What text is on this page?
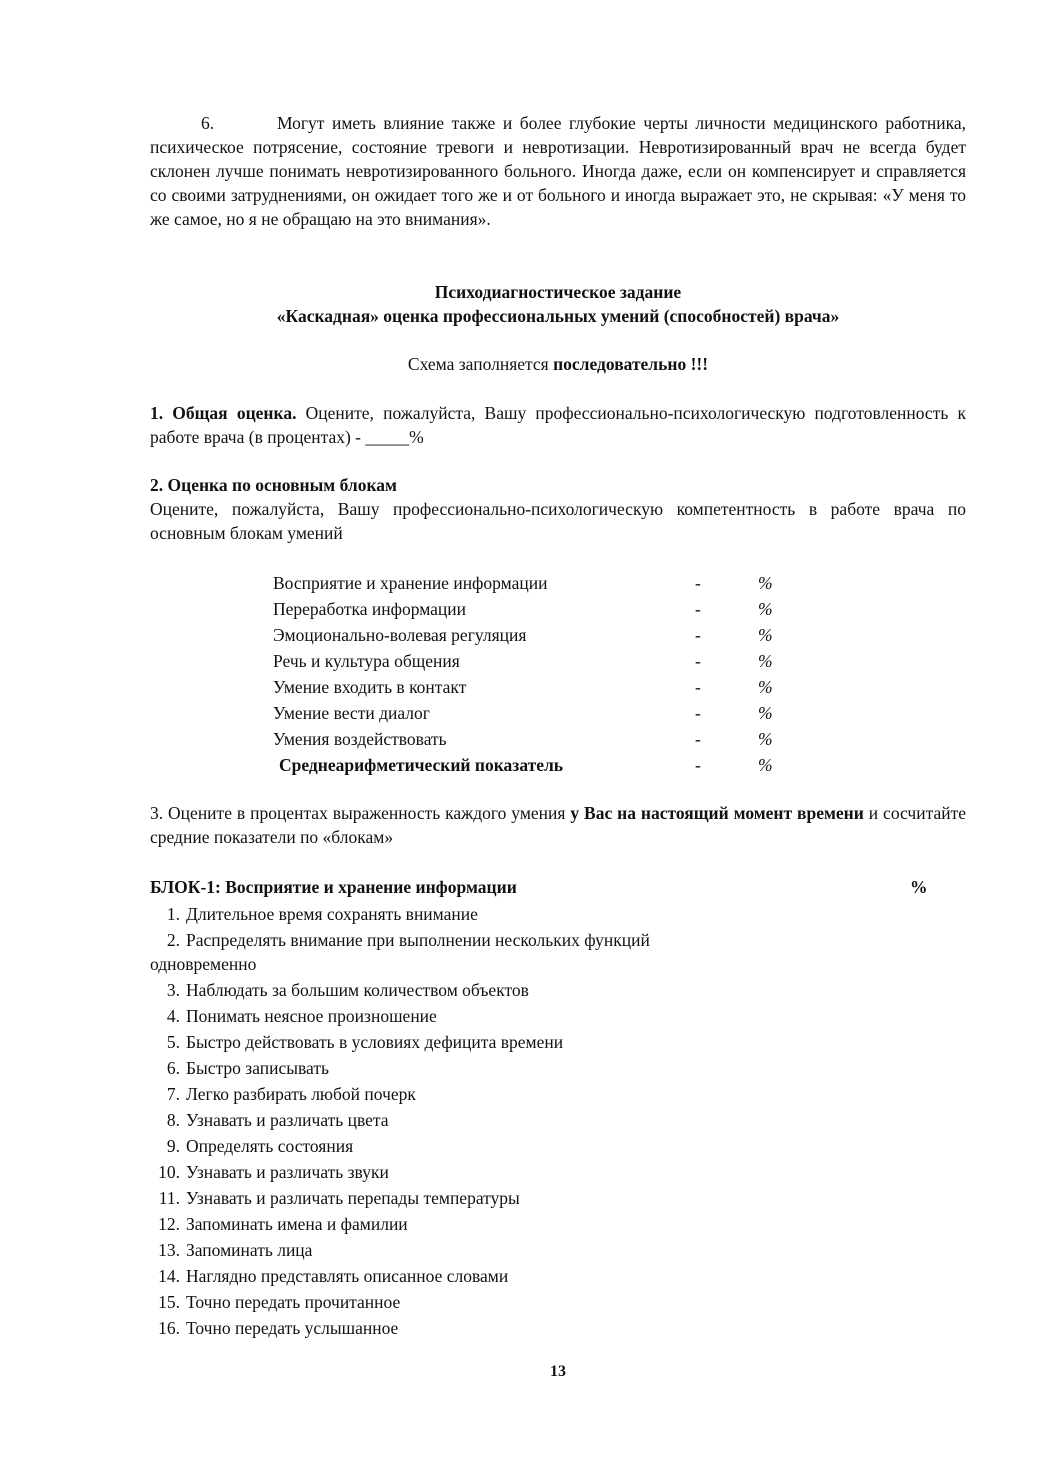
6.	Могут иметь влияние также и более глубокие черты личности медицинского работника, психическое потрясение, состояние тревоги и невротизации. Невротизированный врач не всегда будет склонен лучше понимать невротизированного больного. Иногда даже, если он компенсирует и справляется со своими затруднениями, он ожидает того же и от больного и иногда выражает это, не скрывая: «У меня то же самое, но я не обращаю на это внимания».
Психодиагностическое задание
«Каскадная» оценка профессиональных умений (способностей) врача»
Схема заполняется последовательно !!!
1. Общая оценка. Оцените, пожалуйста, Вашу профессионально-психологическую подготовленность к работе врача (в процентах) - _____%
2. Оценка по основным блокам
Оцените, пожалуйста, Вашу профессионально-психологическую компетентность в работе врача по основным блокам умений
Восприятие и хранение информации	-	%
Переработка информации	-	%
Эмоционально-волевая регуляция	-	%
Речь и культура общения	-	%
Умение входить в контакт	-	%
Умение вести диалог	-	%
Умения воздействовать	-	%
Среднеарифметический показатель	-	%
3. Оцените в процентах выраженность каждого умения у Вас на настоящий момент времени и сосчитайте средние показатели по «блокам»
БЛОК-1: Восприятие и хранение информации	%
1. Длительное время сохранять внимание
2. Распределять внимание при выполнении нескольких функций
одновременно
3. Наблюдать за большим количеством объектов
4. Понимать неясное произношение
5. Быстро действовать в условиях дефицита времени
6. Быстро записывать
7. Легко разбирать любой почерк
8. Узнавать и различать цвета
9. Определять состояния
10. Узнавать и различать звуки
11. Узнавать и различать перепады температуры
12. Запоминать имена и фамилии
13. Запоминать лица
14. Наглядно представлять описанное словами
15. Точно передать прочитанное
16. Точно передать услышанное
13
